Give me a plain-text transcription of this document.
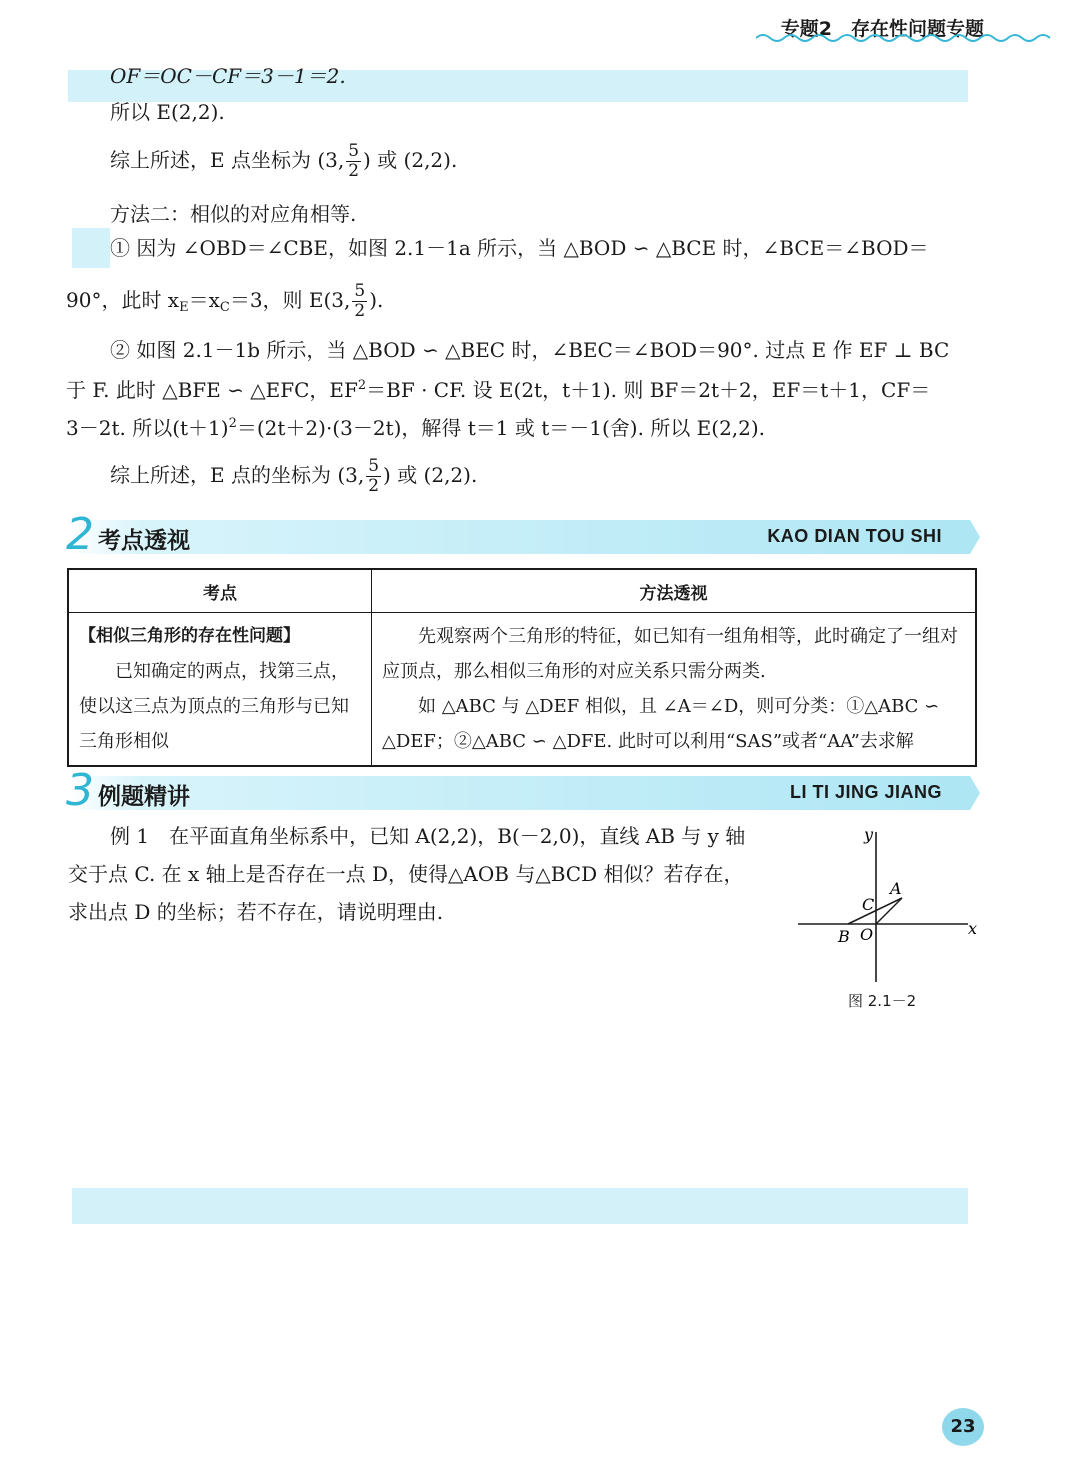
专题2　存在性问题专题
OF＝OC－CF＝3－1＝2.
所以 E(2,2).
综上所述，E 点坐标为 (3, $\frac{5}{2}$ ) 或 (2,2).
方法二：相似的对应角相等.
① 因为 ∠OBD＝∠CBE，如图 2.1－1a 所示，当 △BOD ∽ △BCE 时，∠BCE＝∠BOD＝
90°，此时 $x_E=x_C=3$，则 E(3, $\frac{5}{2}$ ).
② 如图 2.1－1b 所示，当 △BOD ∽ △BEC 时，∠BEC＝∠BOD＝90°. 过点 E 作 EF ⊥ BC
于 F. 此时 △BFE ∽ △EFC，$EF^2=BF$ · CF. 设 E(2t，t＋1). 则 BF＝2t＋2，EF＝t＋1，CF＝
3－2t. 所以$(t+1)^2=(2t+2)\cdot(3-2t)$，解得 t＝1 或 t＝－1(舍). 所以 E(2,2).
综上所述，E 点的坐标为 (3, $\frac{5}{2}$ ) 或 (2,2).
2 考点透视	KAO DIAN TOU SHI
考点	方法透视

【相似三角形的存在性问题】
已知确定的两点，找第三点，使以这三点为顶点的三角形与已知三角形相似	先观察两个三角形的特征，如已知有一组角相等，此时确定了一组对应顶点，那么相似三角形的对应关系只需分两类.
如 △ABC 与 △DEF 相似，且 ∠A＝∠D，则可分类：①△ABC ∽ △DEF；②△ABC ∽ △DFE. 此时可以利用“SAS”或者“AA”去求解
3 例题精讲	LI TI JING JIANG
例 1　在平面直角坐标系中，已知 A(2,2)，B(－2,0)，直线 AB 与 y 轴
交于点 C. 在 x 轴上是否存在一点 D，使得△AOB 与△BCD 相似？若存在，
求出点 D 的坐标；若不存在，请说明理由.
y
x
A
C
B O
图 2.1－2
23
